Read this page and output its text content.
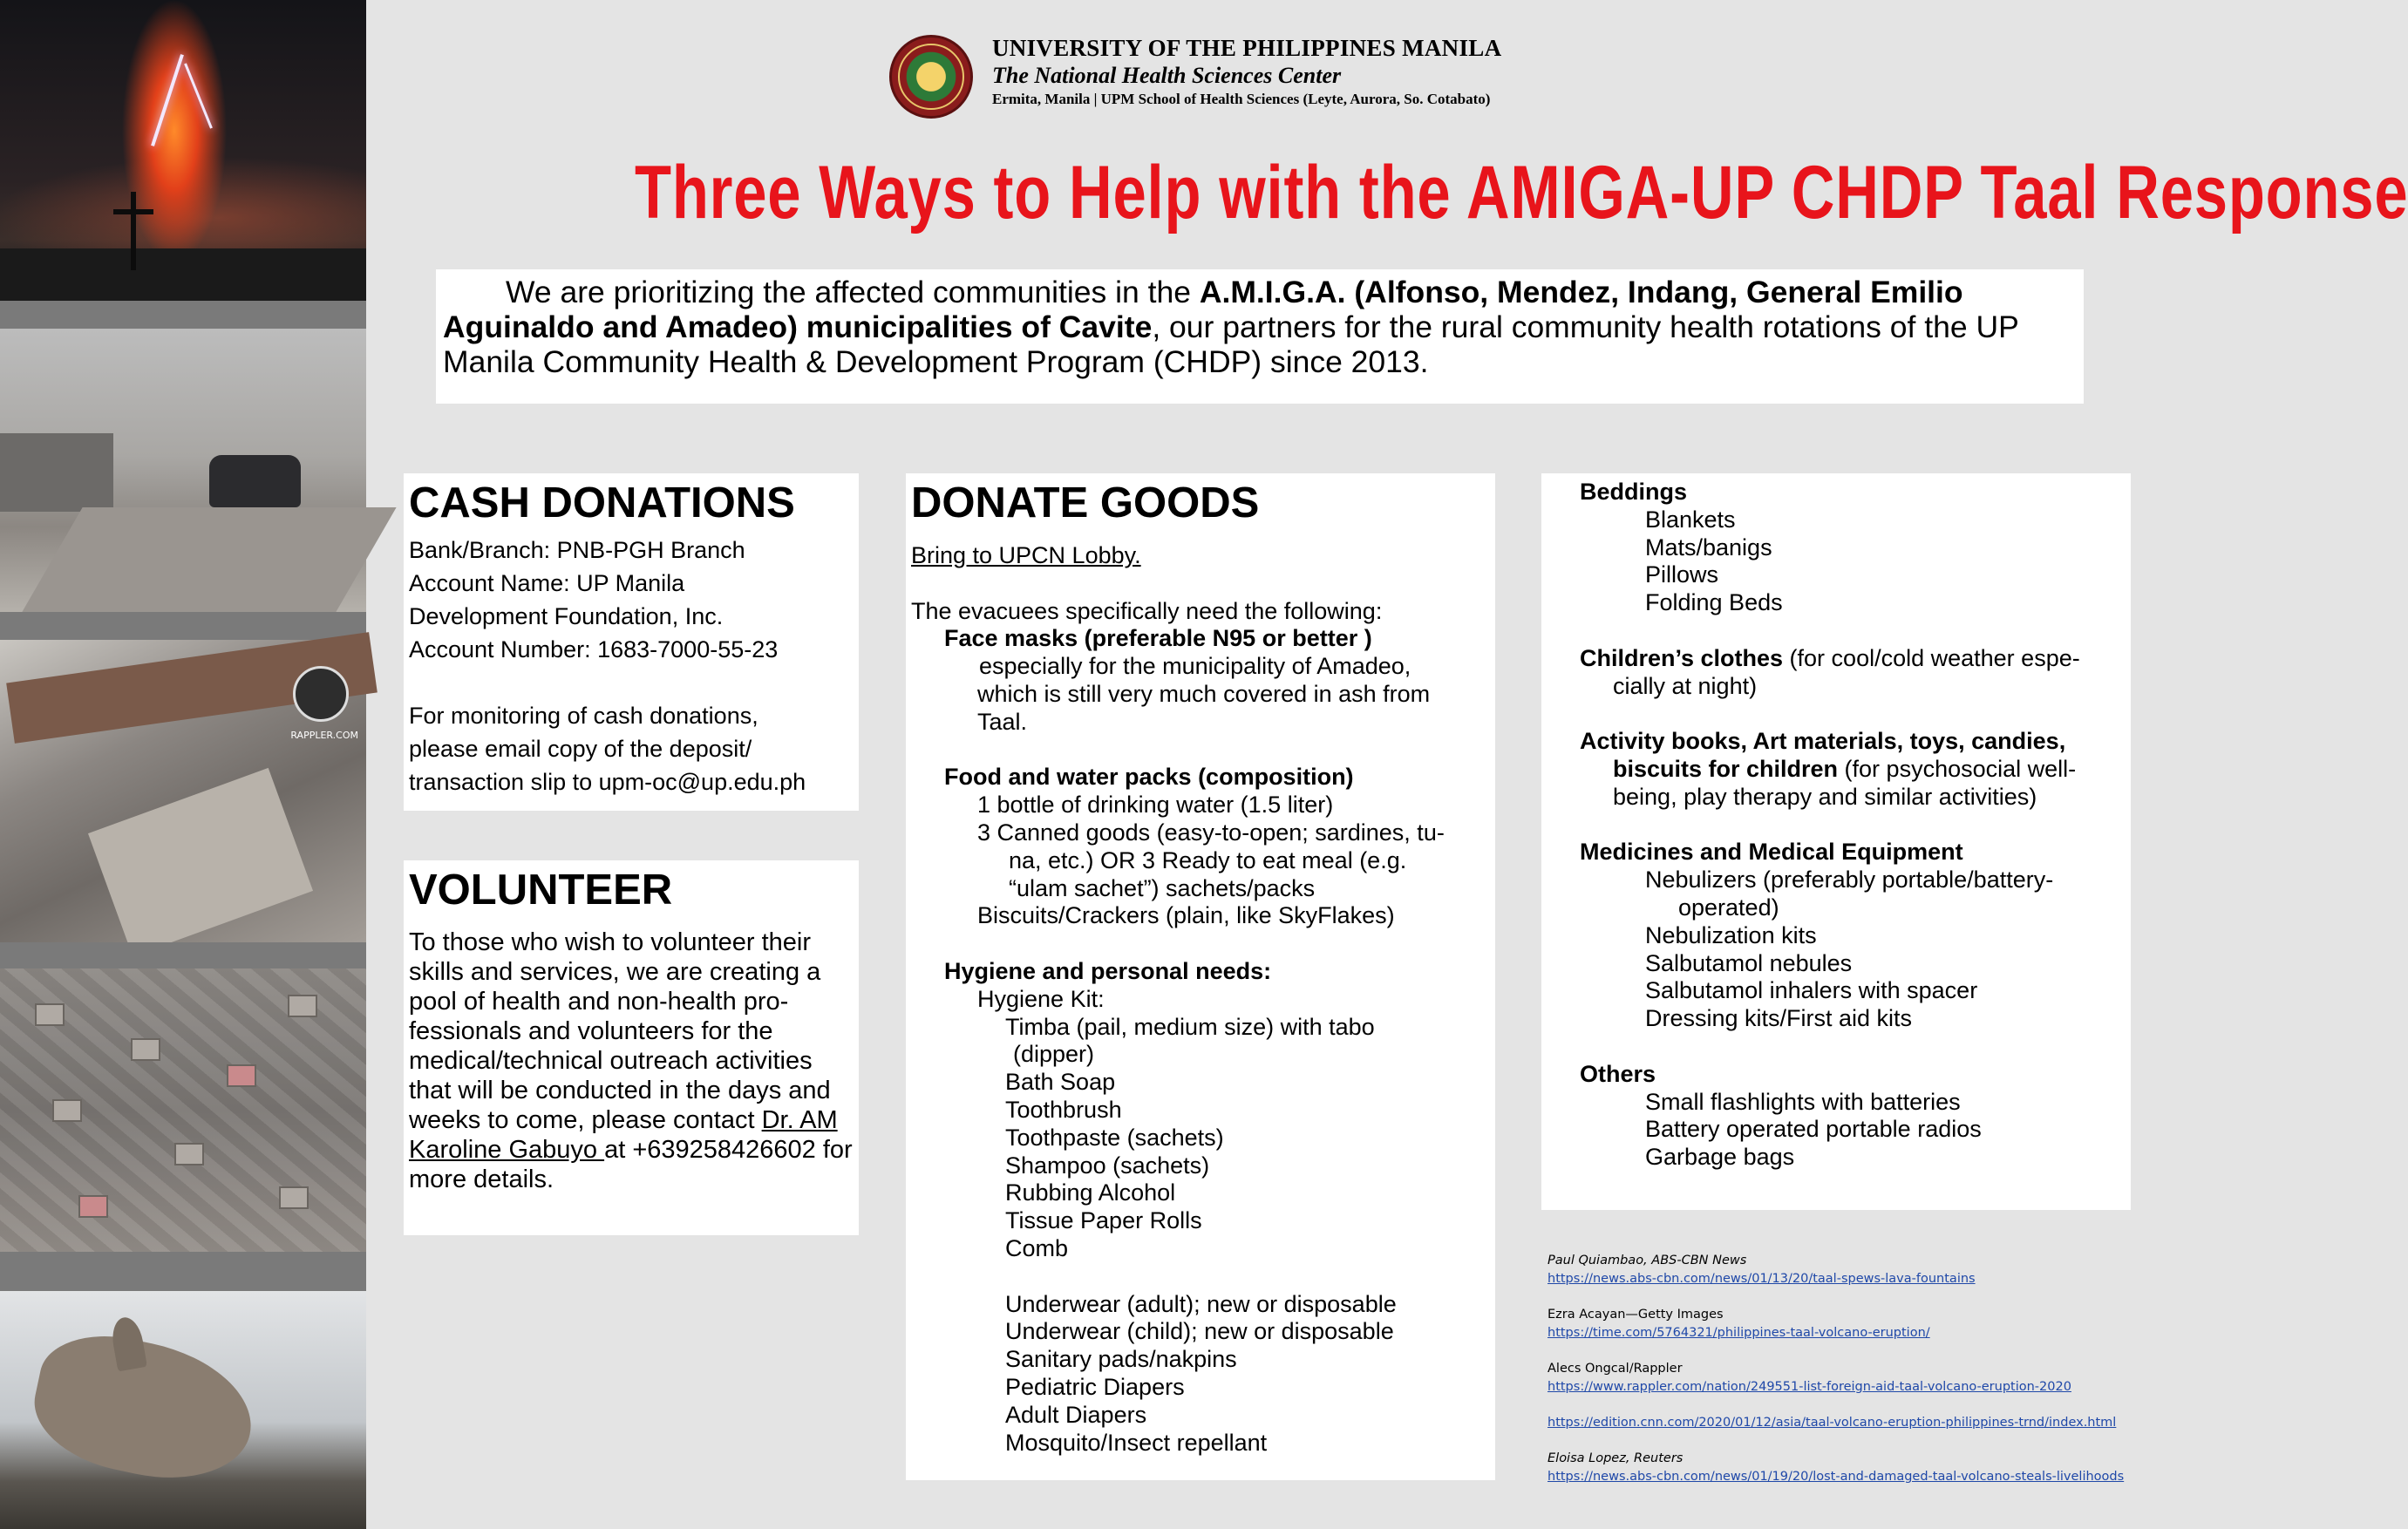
RAPPLER.COM
UNIVERSITY OF THE PHILIPPINES MANILA
The National Health Sciences Center
Ermita, Manila | UPM School of Health Sciences (Leyte, Aurora, So. Cotabato)
Three Ways to Help with the AMIGA-UP CHDP Taal Response
We are prioritizing the affected communities in the A.M.I.G.A. (Alfonso, Mendez, Indang, General Emilio Aguinaldo and Amadeo) municipalities of Cavite, our partners for the rural community health rotations of the UP Manila Community Health & Development Program (CHDP) since 2013.
CASH DONATIONS

Bank/Branch: PNB-PGH Branch

Account Name: UP Manila

Development Foundation, Inc.

Account Number: 1683-7000-55-23

For monitoring of cash donations,

please email copy of the deposit/

transaction slip to upm-oc@up.edu.ph

VOLUNTEER

To those who wish to volunteer their skills and services, we are creating a pool of health and non-health pro-fessionals and volunteers for the medical/technical outreach activities that will be conducted in the days and weeks to come, please contact Dr. AM Karoline Gabuyo at +639258426602 for more details.

DONATE GOODS
Bring to UPCN Lobby.
The evacuees specifically need the following:
Face masks (preferable N95 or better )
especially for the municipality of Amadeo,
which is still very much covered in ash from
Taal.
Food and water packs (composition)
1 bottle of drinking water (1.5 liter)
3 Canned goods (easy-to-open; sardines, tu-
na, etc.) OR 3 Ready to eat meal (e.g.
“ulam sachet”) sachets/packs
Biscuits/Crackers (plain, like SkyFlakes)
Hygiene and personal needs:
Hygiene Kit:
Timba (pail, medium size) with tabo
(dipper)
Bath Soap
Toothbrush
Toothpaste (sachets)
Shampoo (sachets)
Rubbing Alcohol
Tissue Paper Rolls
Comb
Underwear (adult); new or disposable
Underwear (child); new or disposable
Sanitary pads/nakpins
Pediatric Diapers
Adult Diapers
Mosquito/Insect repellant
Beddings
Blankets
Mats/banigs
Pillows
Folding Beds
Children’s clothes (for cool/cold weather espe-
cially at night)
Activity books, Art materials, toys, candies,
biscuits for children (for psychosocial well-
being, play therapy and similar activities)
Medicines and Medical Equipment
Nebulizers (preferably portable/battery-
operated)
Nebulization kits
Salbutamol nebules
Salbutamol inhalers with spacer
Dressing kits/First aid kits
Others
Small flashlights with batteries
Battery operated portable radios
Garbage bags
Paul Quiambao, ABS-CBN News
https://news.abs-cbn.com/news/01/13/20/taal-spews-lava-fountains
Ezra Acayan—Getty Images
https://time.com/5764321/philippines-taal-volcano-eruption/
Alecs Ongcal/Rappler
https://www.rappler.com/nation/249551-list-foreign-aid-taal-volcano-eruption-2020
https://edition.cnn.com/2020/01/12/asia/taal-volcano-eruption-philippines-trnd/index.html
Eloisa Lopez, Reuters
https://news.abs-cbn.com/news/01/19/20/lost-and-damaged-taal-volcano-steals-livelihoods
